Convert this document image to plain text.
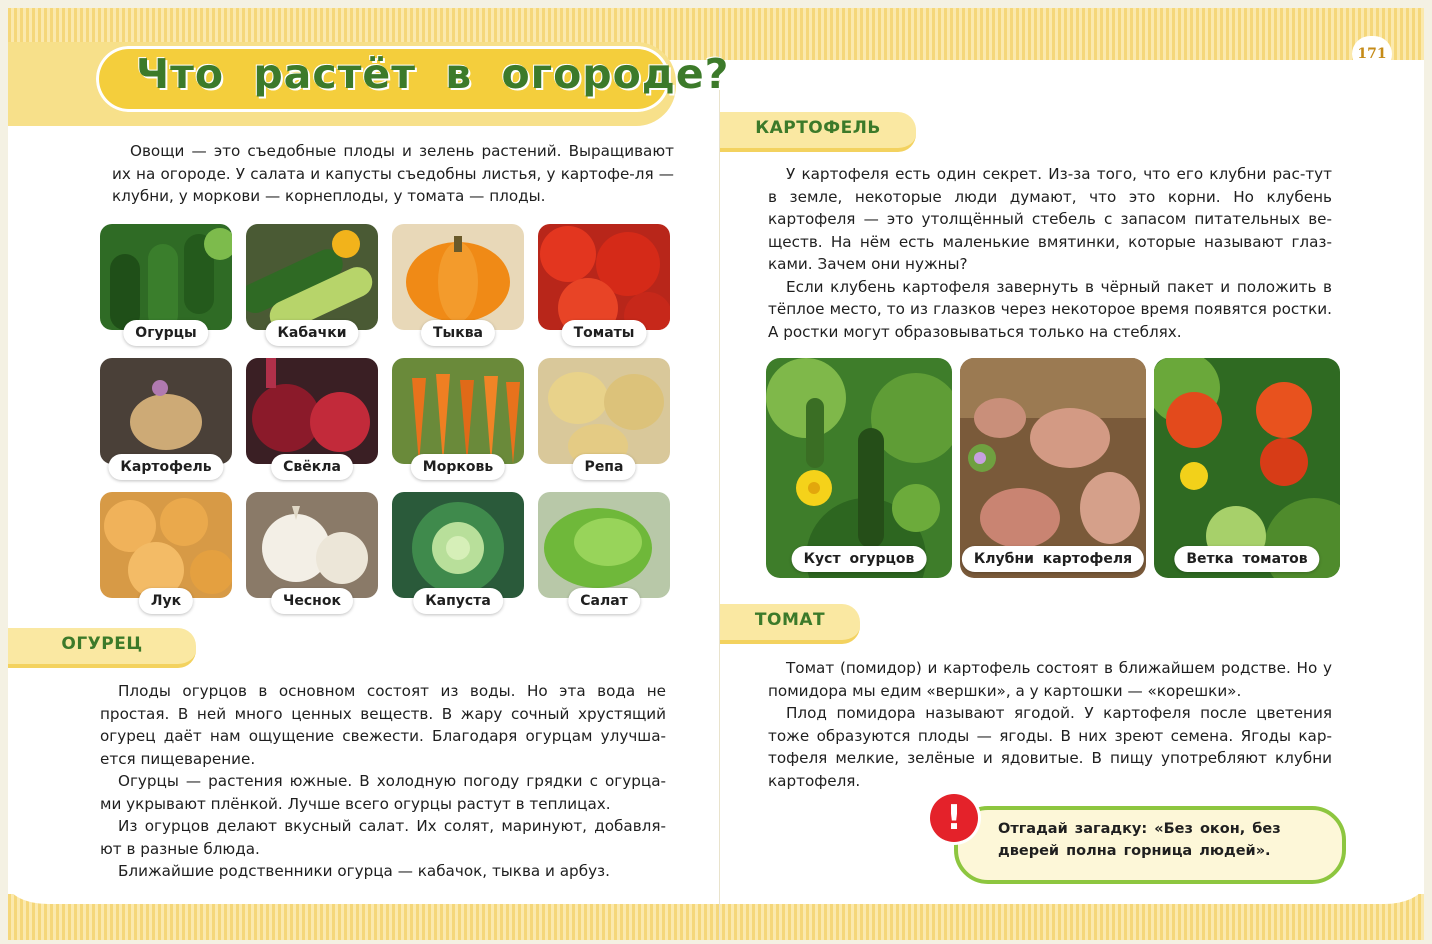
Что растёт в огороде?	171

Овощи — это съедобные плоды и зелень растений. Выращивают их на огороде. У салата и капусты съедобны листья, у картофе-ля — клубни, у моркови — корнеплоды, у томата — плоды.

Огурцы	Кабачки	Тыква	Томаты
Картофель	Свёкла	Морковь	Репа
Лук	Чеснок	Капуста	Салат
ОГУРЕЦ

Плоды огурцов в основном состоят из воды. Но эта вода не простая. В ней много ценных веществ. В жару сочный хрустящий огурец даёт нам ощущение свежести. Благодаря огурцам улучша-ется пищеварение.

Огурцы — растения южные. В холодную погоду грядки с огурца-ми укрывают плёнкой. Лучше всего огурцы растут в теплицах.

Из огурцов делают вкусный салат. Их солят, маринуют, добавля-ют в разные блюда.

Ближайшие родственники огурца — кабачок, тыква и арбуз.

КАРТОФЕЛЬ

У картофеля есть один секрет. Из-за того, что его клубни рас-тут в земле, некоторые люди думают, что это корни. Но клубень картофеля — это утолщённый стебель с запасом питательных ве-ществ. На нём есть маленькие вмятинки, которые называют глаз-ками. Зачем они нужны?

Если клубень картофеля завернуть в чёрный пакет и положить в тёплое место, то из глазков через некоторое время появятся ростки. А ростки могут образовываться только на стеблях.

Куст огурцов	Клубни картофеля	Ветка томатов
ТОМАТ

Томат (помидор) и картофель состоят в ближайшем родстве. Но у помидора мы едим «вершки», а у картошки — «корешки».

Плод помидора называют ягодой. У картофеля после цветения тоже образуются плоды — ягоды. В них зреют семена. Ягоды кар-тофеля мелкие, зелёные и ядовитые. В пищу употребляют клубни картофеля.

!	Отгадай загадку: «Без окон, без дверей полна горница людей».
